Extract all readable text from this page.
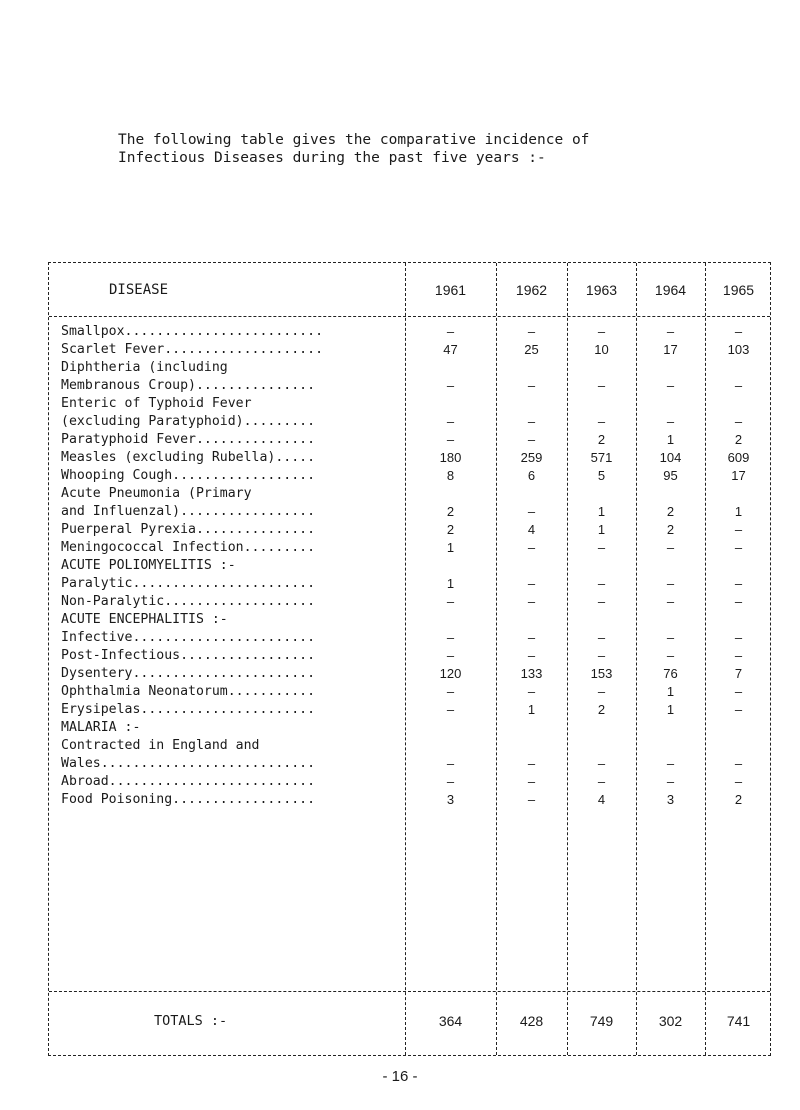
The following table gives the comparative incidence of
Infectious Diseases during the past five years :-
DISEASE	1961	1962	1963	1964	1965
Smallpox.........................	–	–	–	–	–
Scarlet Fever....................	47	25	10	17	103
Diphtheria (including
Membranous Croup)...............	–	–	–	–	–
Enteric of Typhoid Fever
(excluding Paratyphoid).........	–	–	–	–	–
Paratyphoid Fever...............	–	–	2	1	2
Measles (excluding Rubella).....	180	259	571	104	609
Whooping Cough..................	8	6	5	95	17
Acute Pneumonia (Primary
and Influenzal).................	2	–	1	2	1
Puerperal Pyrexia...............	2	4	1	2	–
Meningococcal Infection.........	1	–	–	–	–
ACUTE POLIOMYELITIS :-
Paralytic.......................	1	–	–	–	–
Non-Paralytic...................	–	–	–	–	–
ACUTE ENCEPHALITIS :-
Infective.......................	–	–	–	–	–
Post-Infectious.................	–	–	–	–	–
Dysentery.......................	120	133	153	76	7
Ophthalmia Neonatorum...........	–	–	–	1	–
Erysipelas......................	–	1	2	1	–
MALARIA :-
Contracted in England and
Wales...........................	–	–	–	–	–
Abroad..........................	–	–	–	–	–
Food Poisoning..................	3	–	4	3	2
TOTALS :-	364	428	749	302	741
- 16 -
